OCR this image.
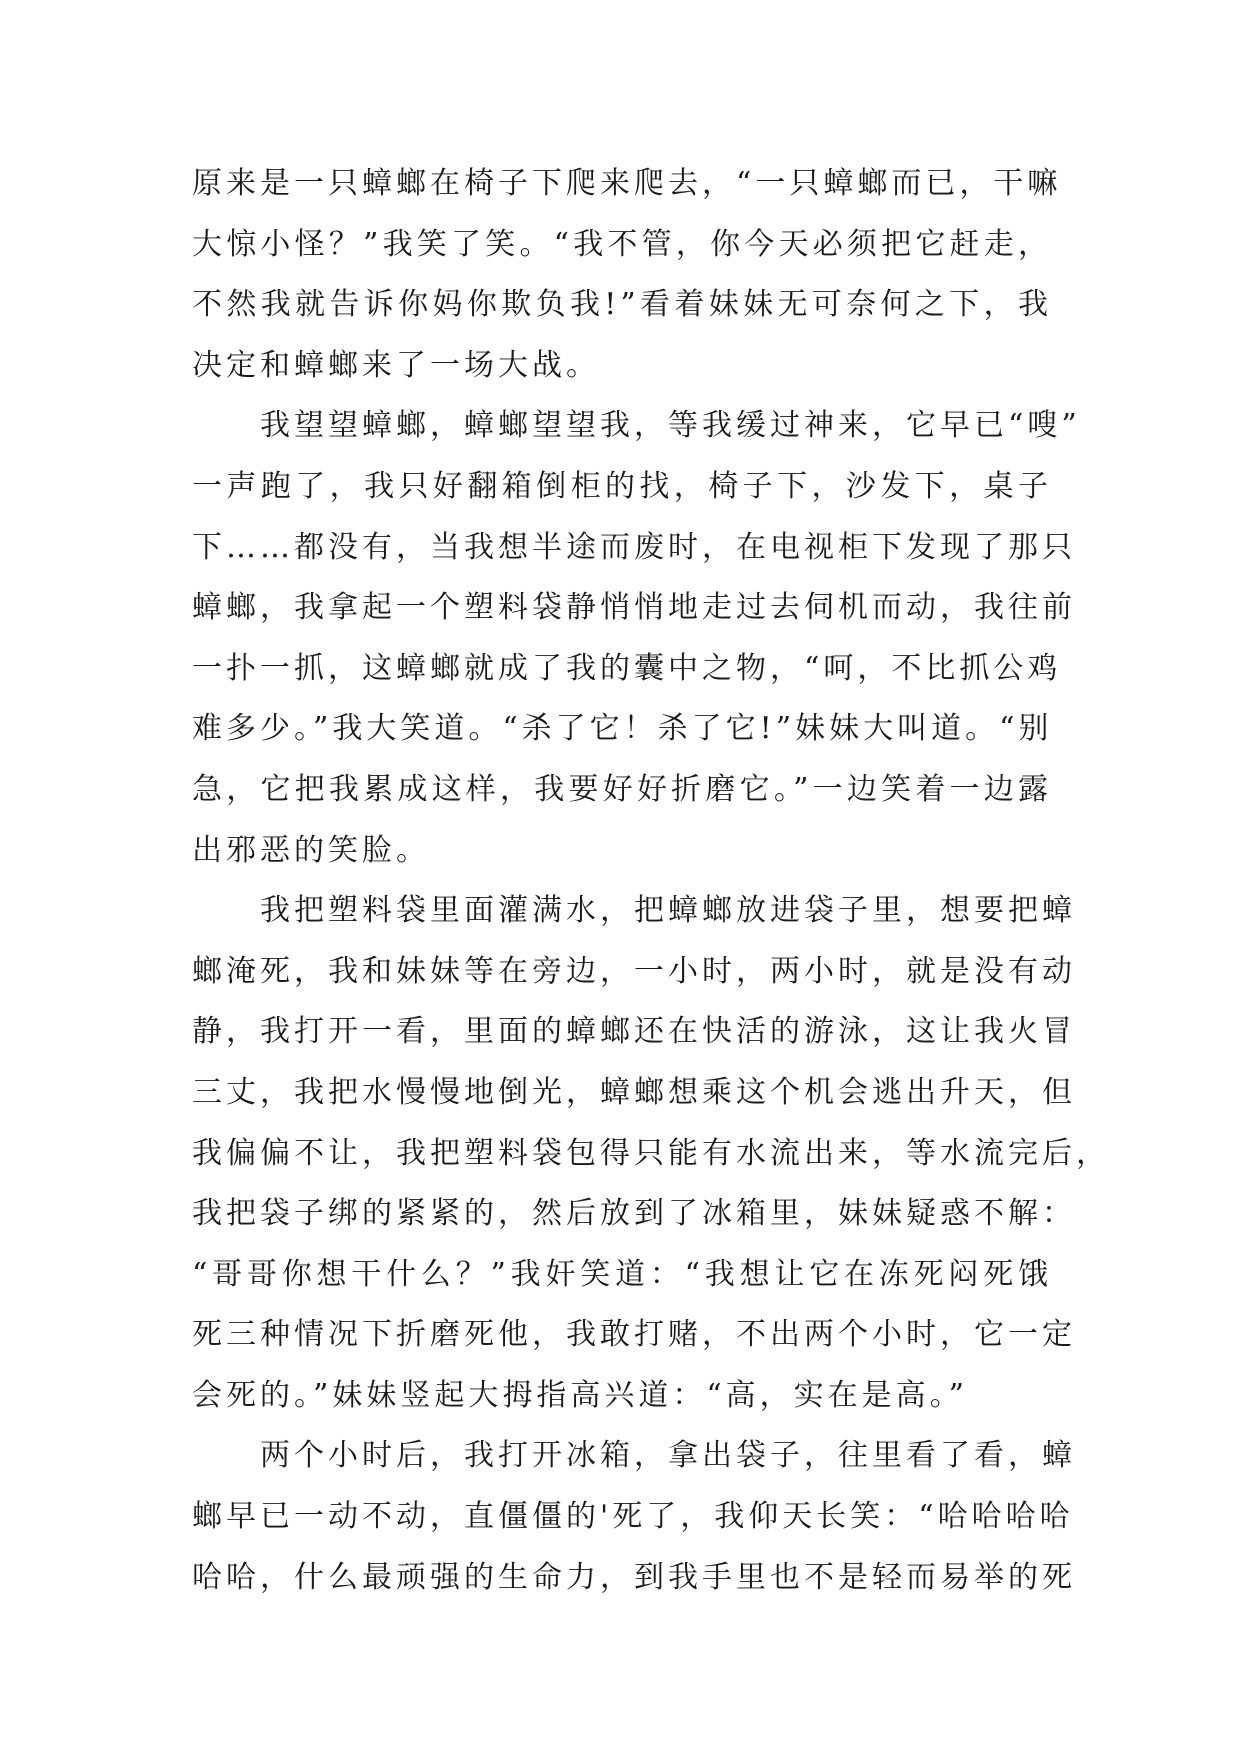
原来是一只蟑螂在椅子下爬来爬去，“一只蟑螂而已，干嘛
大惊小怪？”我笑了笑。“我不管，你今天必须把它赶走，
不然我就告诉你妈你欺负我!”看着妹妹无可奈何之下，我
决定和蟑螂来了一场大战。
我望望蟑螂，蟑螂望望我，等我缓过神来，它早已“嗖”
一声跑了，我只好翻箱倒柜的找，椅子下，沙发下，桌子
下……都没有，当我想半途而废时，在电视柜下发现了那只
蟑螂，我拿起一个塑料袋静悄悄地走过去伺机而动，我往前
一扑一抓，这蟑螂就成了我的囊中之物，“呵，不比抓公鸡
难多少。”我大笑道。“杀了它！杀了它!”妹妹大叫道。“别
急，它把我累成这样，我要好好折磨它。”一边笑着一边露
出邪恶的笑脸。
我把塑料袋里面灌满水，把蟑螂放进袋子里，想要把蟑
螂淹死，我和妹妹等在旁边，一小时，两小时，就是没有动
静，我打开一看，里面的蟑螂还在快活的游泳，这让我火冒
三丈，我把水慢慢地倒光，蟑螂想乘这个机会逃出升天，但
我偏偏不让，我把塑料袋包得只能有水流出来，等水流完后，
我把袋子绑的紧紧的，然后放到了冰箱里，妹妹疑惑不解：
“哥哥你想干什么？”我奸笑道：“我想让它在冻死闷死饿
死三种情况下折磨死他，我敢打赌，不出两个小时，它一定
会死的。”妹妹竖起大拇指高兴道：“高，实在是高。”
两个小时后，我打开冰箱，拿出袋子，往里看了看，蟑
螂早已一动不动，直僵僵的'死了，我仰天长笑：“哈哈哈哈
哈哈，什么最顽强的生命力，到我手里也不是轻而易举的死
